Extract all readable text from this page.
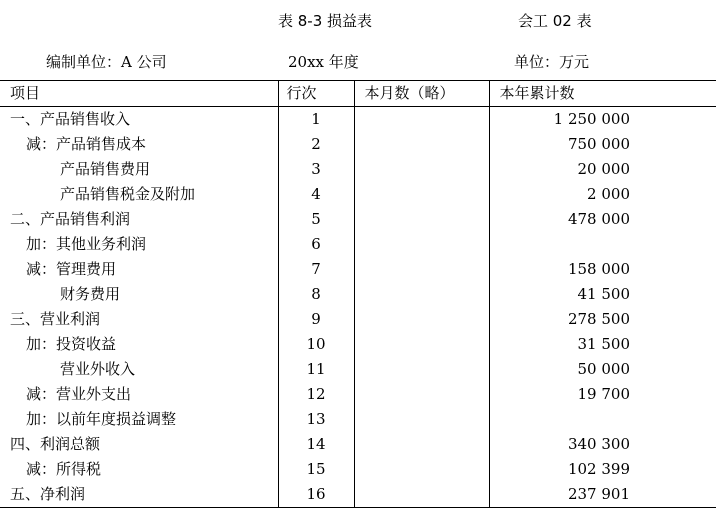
表 8-3 损益表	会工 02 表
编制单位：A 公司	20xx 年度	单位：万元
项目	行次	本月数（略）	本年累计数
一、产品销售收入	1		1 250 000
减：产品销售成本	2		750 000
产品销售费用	3		20 000
产品销售税金及附加	4		2 000
二、产品销售利润	5		478 000
加：其他业务利润	6		
减：管理费用	7		158 000
财务费用	8		41 500
三、营业利润	9		278 500
加：投资收益	10		31 500
营业外收入	11		50 000
减：营业外支出	12		19 700
加：以前年度损益调整	13		
四、利润总额	14		340 300
减：所得税	15		102 399
五、净利润	16		237 901
